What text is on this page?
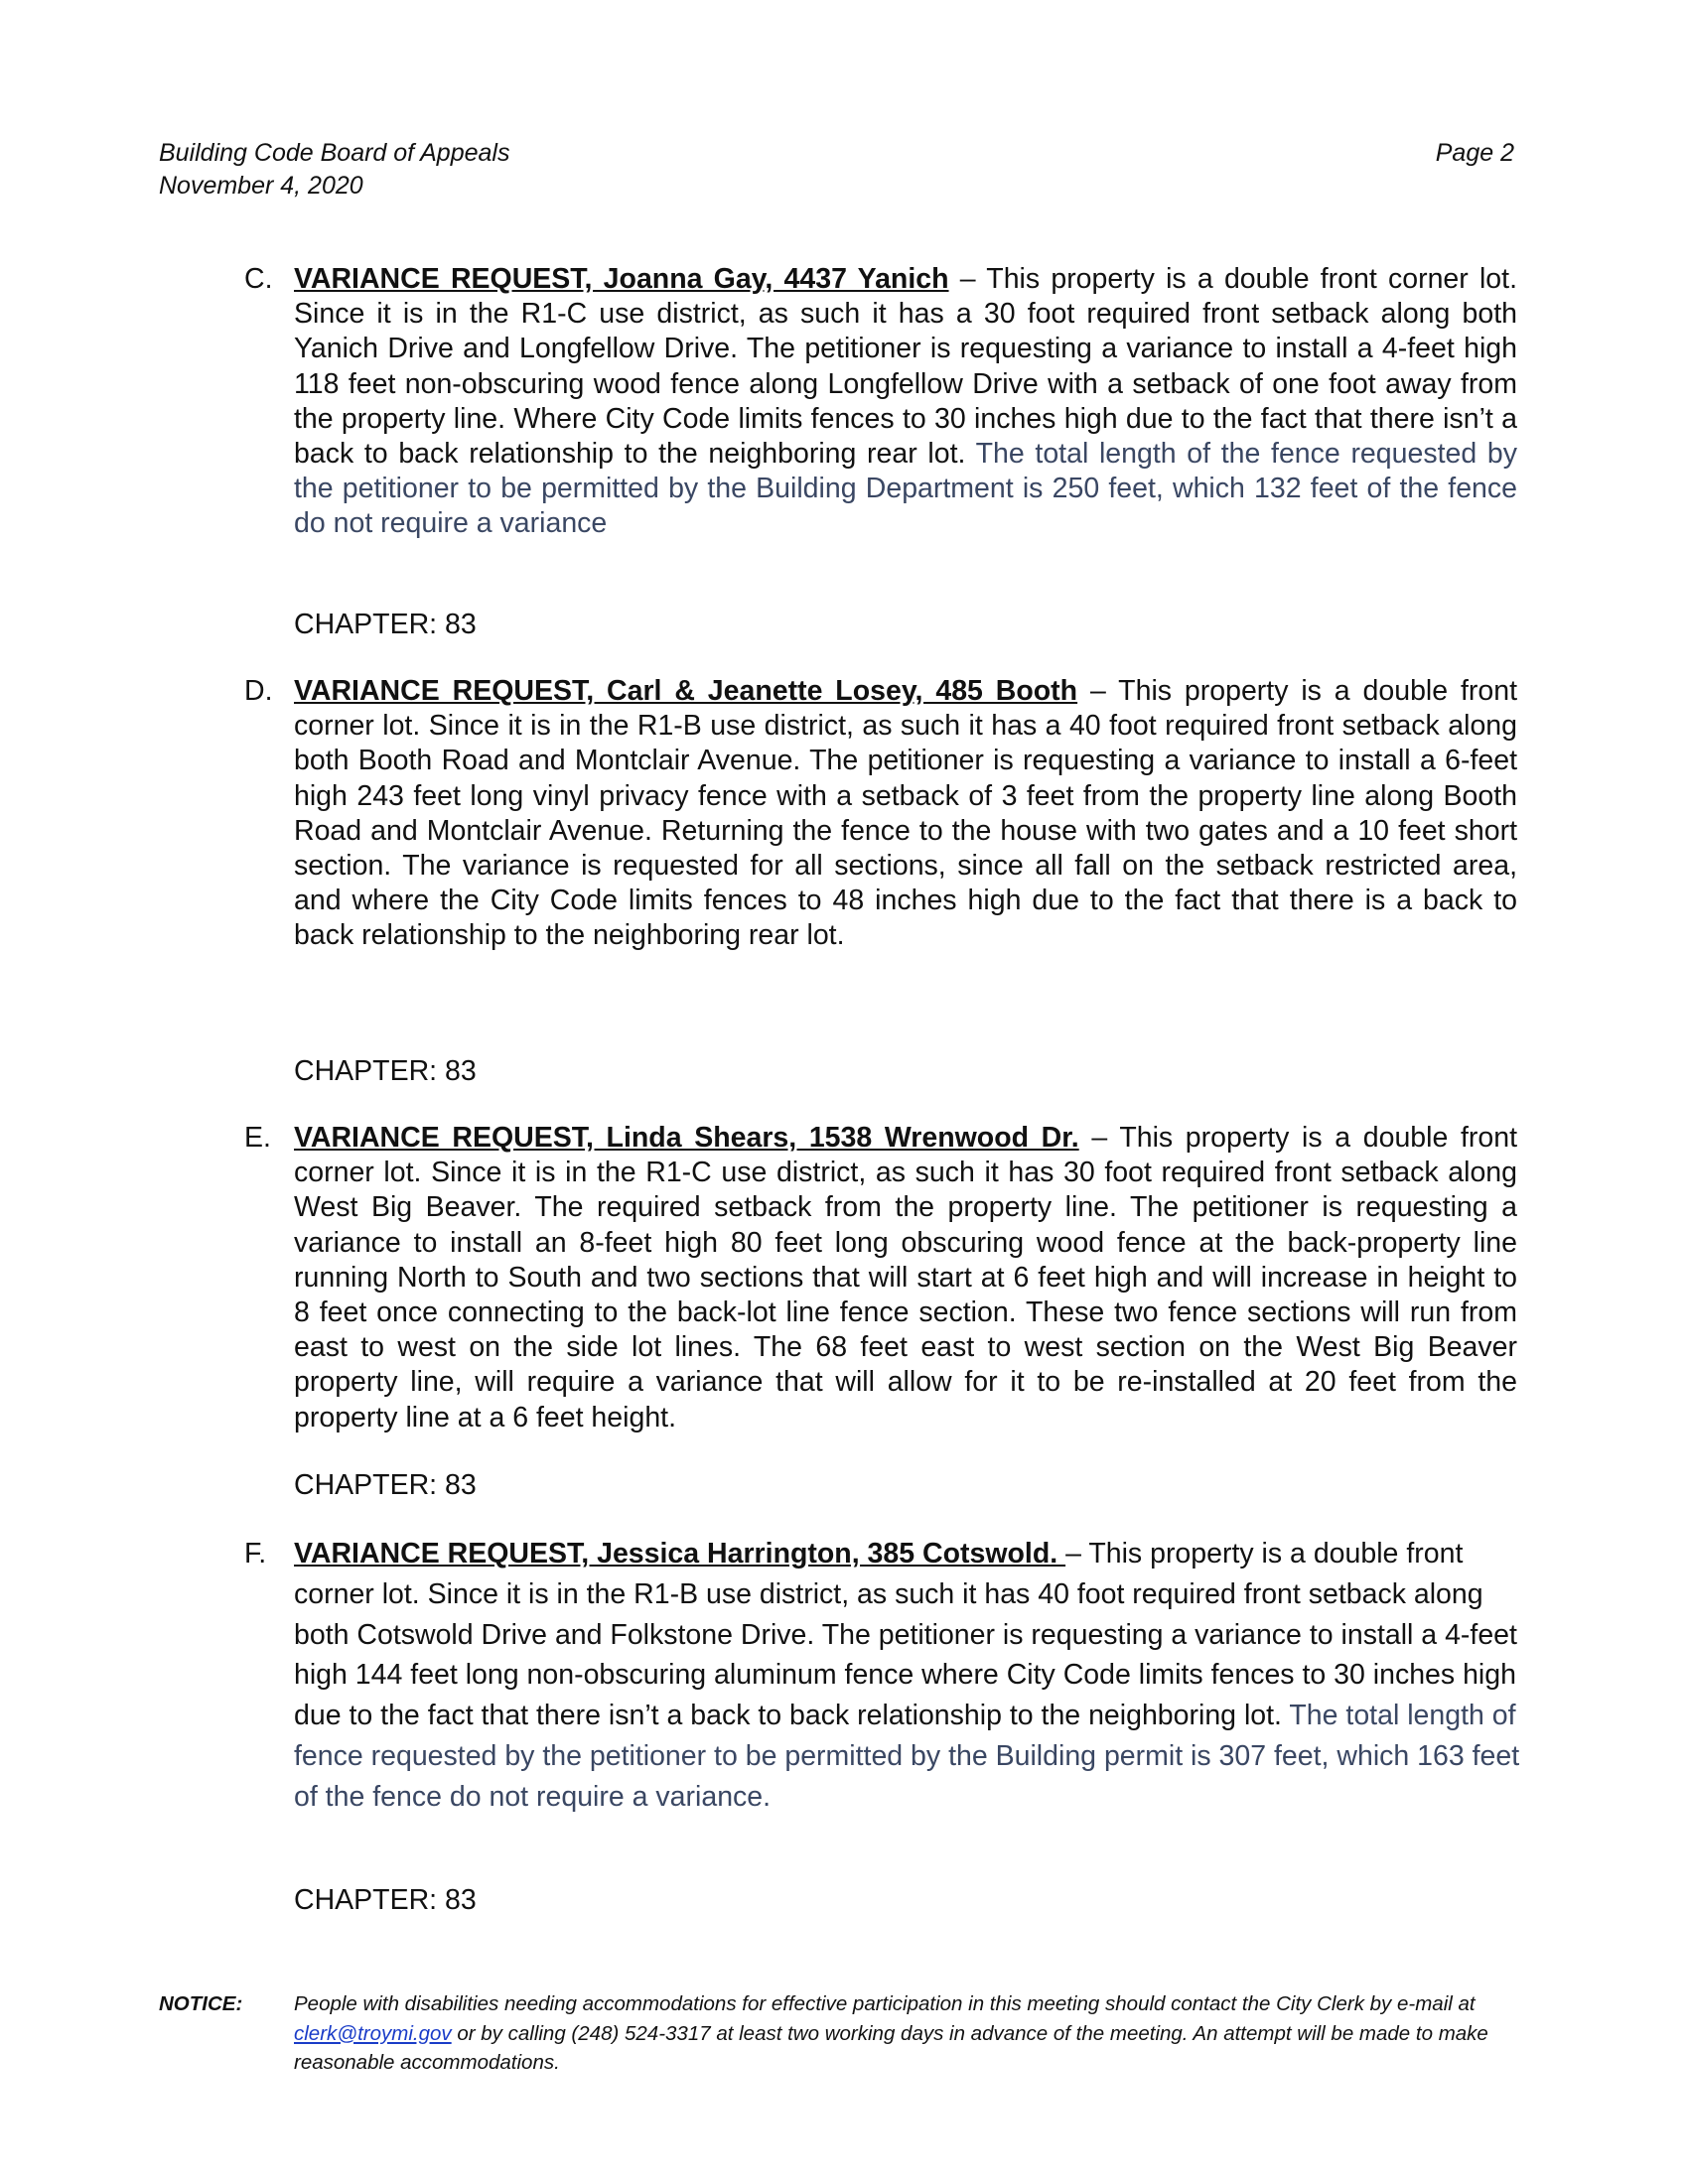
Building Code Board of Appeals
November 4, 2020
Page 2
C. VARIANCE REQUEST, Joanna Gay, 4437 Yanich – This property is a double front corner lot. Since it is in the R1-C use district, as such it has a 30 foot required front setback along both Yanich Drive and Longfellow Drive. The petitioner is requesting a variance to install a 4-feet high 118 feet non-obscuring wood fence along Longfellow Drive with a setback of one foot away from the property line. Where City Code limits fences to 30 inches high due to the fact that there isn’t a back to back relationship to the neighboring rear lot. The total length of the fence requested by the petitioner to be permitted by the Building Department is 250 feet, which 132 feet of the fence do not require a variance
CHAPTER: 83
D. VARIANCE REQUEST, Carl & Jeanette Losey, 485 Booth – This property is a double front corner lot. Since it is in the R1-B use district, as such it has a 40 foot required front setback along both Booth Road and Montclair Avenue. The petitioner is requesting a variance to install a 6-feet high 243 feet long vinyl privacy fence with a setback of 3 feet from the property line along Booth Road and Montclair Avenue. Returning the fence to the house with two gates and a 10 feet short section. The variance is requested for all sections, since all fall on the setback restricted area, and where the City Code limits fences to 48 inches high due to the fact that there is a back to back relationship to the neighboring rear lot.
CHAPTER: 83
E. VARIANCE REQUEST, Linda Shears, 1538 Wrenwood Dr. – This property is a double front corner lot. Since it is in the R1-C use district, as such it has 30 foot required front setback along West Big Beaver. The required setback from the property line. The petitioner is requesting a variance to install an 8-feet high 80 feet long obscuring wood fence at the back-property line running North to South and two sections that will start at 6 feet high and will increase in height to 8 feet once connecting to the back-lot line fence section. These two fence sections will run from east to west on the side lot lines. The 68 feet east to west section on the West Big Beaver property line, will require a variance that will allow for it to be re-installed at 20 feet from the property line at a 6 feet height.
CHAPTER: 83
F. VARIANCE REQUEST, Jessica Harrington, 385 Cotswold. – This property is a double front corner lot. Since it is in the R1-B use district, as such it has 40 foot required front setback along both Cotswold Drive and Folkstone Drive. The petitioner is requesting a variance to install a 4-feet high 144 feet long non-obscuring aluminum fence where City Code limits fences to 30 inches high due to the fact that there isn’t a back to back relationship to the neighboring lot. The total length of fence requested by the petitioner to be permitted by the Building permit is 307 feet, which 163 feet of the fence do not require a variance.
CHAPTER: 83
NOTICE:	People with disabilities needing accommodations for effective participation in this meeting should contact the City Clerk by e-mail at clerk@troymi.gov or by calling (248) 524-3317 at least two working days in advance of the meeting. An attempt will be made to make reasonable accommodations.
